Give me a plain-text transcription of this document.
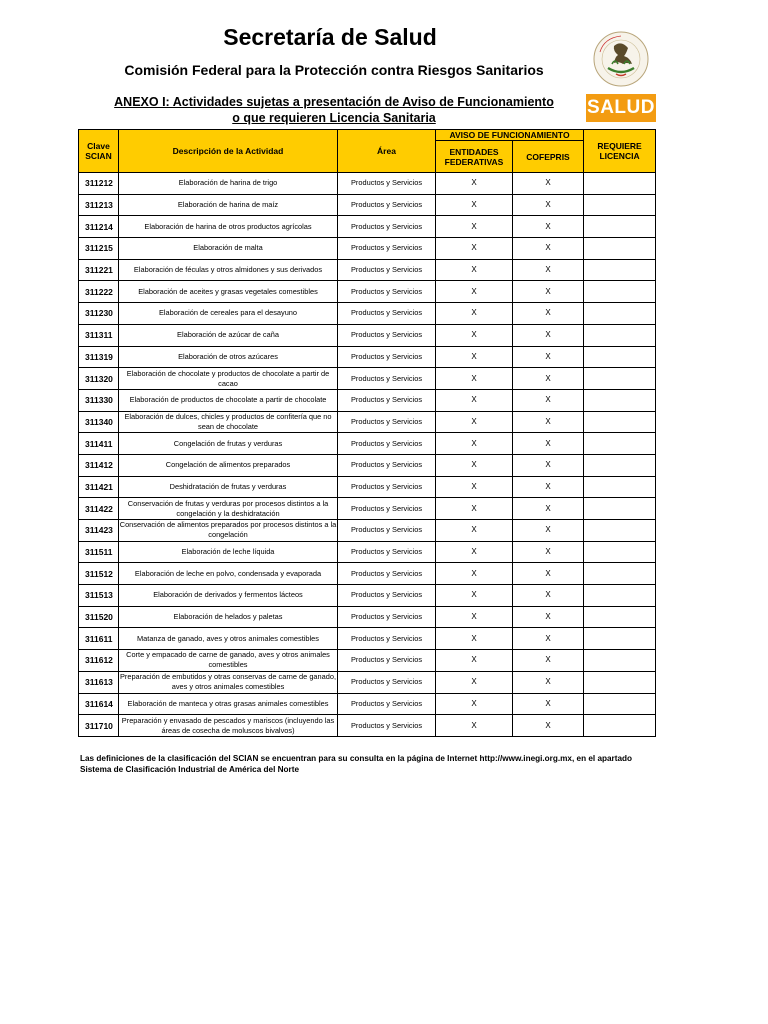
Secretaría de Salud
Comisión Federal para la Protección contra Riesgos Sanitarios
ANEXO I: Actividades sujetas a presentación de Aviso de Funcionamiento
o que requieren Licencia Sanitaria	SALUD
Clave SCIAN	Descripción de la Actividad	Área	AVISO DE FUNCIONAMIENTO		REQUIERE LICENCIA
			ENTIDADES FEDERATIVAS	COFEPRIS	
311212	Elaboración de harina de trigo	Productos y Servicios	X	X	
311213	Elaboración de harina de maíz	Productos y Servicios	X	X	
311214	Elaboración de harina de otros productos agrícolas	Productos y Servicios	X	X	
311215	Elaboración de malta	Productos y Servicios	X	X	
311221	Elaboración de féculas y otros almidones y sus derivados	Productos y Servicios	X	X	
311222	Elaboración de aceites y grasas vegetales comestibles	Productos y Servicios	X	X	
311230	Elaboración de cereales para el desayuno	Productos y Servicios	X	X	
311311	Elaboración de azúcar de caña	Productos y Servicios	X	X	
311319	Elaboración de otros azúcares	Productos y Servicios	X	X	
311320	Elaboración de chocolate y productos de chocolate a partir de cacao	Productos y Servicios	X	X	
311330	Elaboración de productos de chocolate a partir de chocolate	Productos y Servicios	X	X	
311340	Elaboración de dulces, chicles y productos de confitería que no sean de chocolate	Productos y Servicios	X	X	
311411	Congelación de frutas y verduras	Productos y Servicios	X	X	
311412	Congelación de alimentos preparados	Productos y Servicios	X	X	
311421	Deshidratación de frutas y verduras	Productos y Servicios	X	X	
311422	Conservación de frutas y verduras por procesos distintos a la congelación y la deshidratación	Productos y Servicios	X	X	
311423	Conservación de alimentos preparados por procesos distintos a la congelación	Productos y Servicios	X	X	
311511	Elaboración de leche líquida	Productos y Servicios	X	X	
311512	Elaboración de leche en polvo, condensada y evaporada	Productos y Servicios	X	X	
311513	Elaboración de derivados y fermentos lácteos	Productos y Servicios	X	X	
311520	Elaboración de helados y paletas	Productos y Servicios	X	X	
311611	Matanza de ganado, aves y otros animales comestibles	Productos y Servicios	X	X	
311612	Corte y empacado de carne de ganado, aves y otros animales comestibles	Productos y Servicios	X	X	
311613	Preparación de embutidos y otras conservas de carne de ganado, aves y otros animales comestibles	Productos y Servicios	X	X	
311614	Elaboración de manteca y otras grasas animales comestibles	Productos y Servicios	X	X	
311710	Preparación y envasado de pescados y mariscos (incluyendo las áreas de cosecha de moluscos bivalvos)	Productos y Servicios	X	X	
Las definiciones de la clasificación del SCIAN se encuentran para su consulta en la página de Internet http://www.inegi.org.mx, en el apartado
Sistema de Clasificación Industrial de América del Norte
